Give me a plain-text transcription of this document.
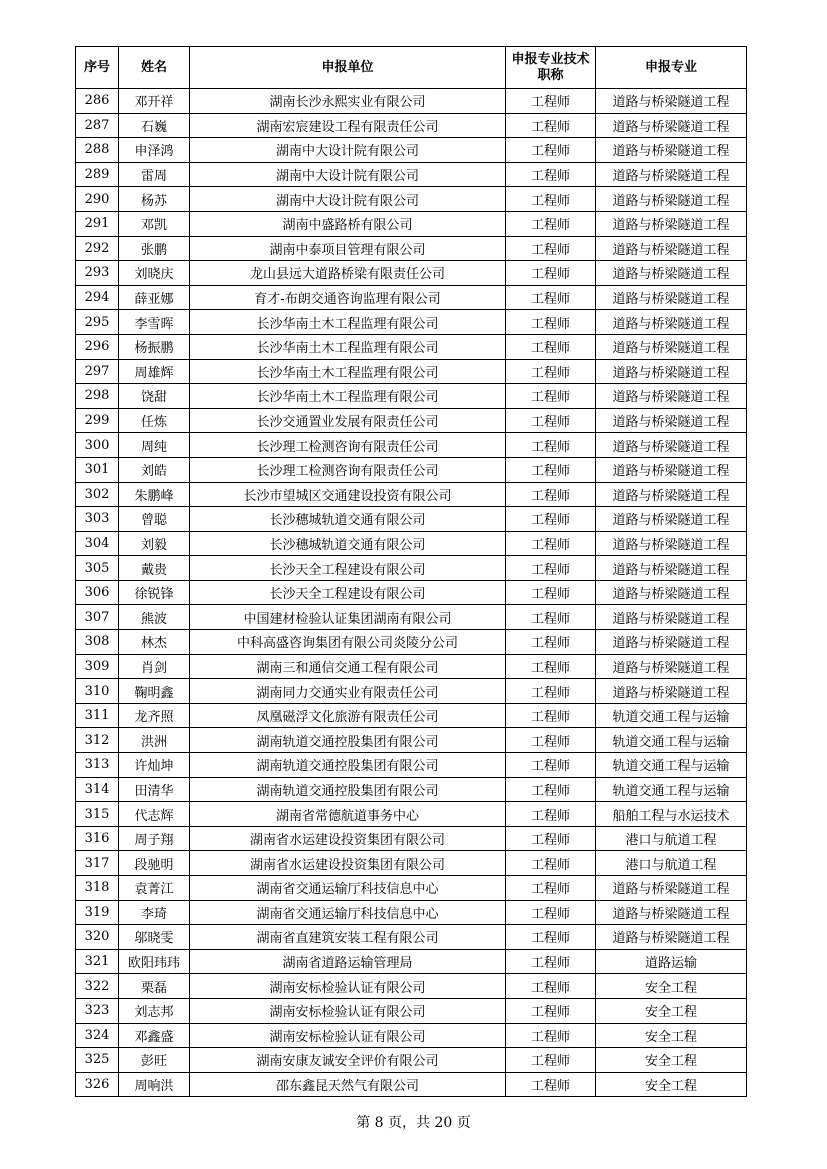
序号	姓名	申报单位	申报专业技术职称	申报专业
286	邓开祥	湖南长沙永熙实业有限公司	工程师	道路与桥梁隧道工程
287	石巍	湖南宏宸建设工程有限责任公司	工程师	道路与桥梁隧道工程
288	申泽鸿	湖南中大设计院有限公司	工程师	道路与桥梁隧道工程
289	雷周	湖南中大设计院有限公司	工程师	道路与桥梁隧道工程
290	杨苏	湖南中大设计院有限公司	工程师	道路与桥梁隧道工程
291	邓凯	湖南中盛路桥有限公司	工程师	道路与桥梁隧道工程
292	张鹏	湖南中泰项目管理有限公司	工程师	道路与桥梁隧道工程
293	刘晓庆	龙山县远大道路桥梁有限责任公司	工程师	道路与桥梁隧道工程
294	薛亚娜	育才-布朗交通咨询监理有限公司	工程师	道路与桥梁隧道工程
295	李雪晖	长沙华南土木工程监理有限公司	工程师	道路与桥梁隧道工程
296	杨振鹏	长沙华南土木工程监理有限公司	工程师	道路与桥梁隧道工程
297	周雄辉	长沙华南土木工程监理有限公司	工程师	道路与桥梁隧道工程
298	饶甜	长沙华南土木工程监理有限公司	工程师	道路与桥梁隧道工程
299	任炼	长沙交通置业发展有限责任公司	工程师	道路与桥梁隧道工程
300	周纯	长沙理工检测咨询有限责任公司	工程师	道路与桥梁隧道工程
301	刘皓	长沙理工检测咨询有限责任公司	工程师	道路与桥梁隧道工程
302	朱鹏峰	长沙市望城区交通建设投资有限公司	工程师	道路与桥梁隧道工程
303	曾聪	长沙穗城轨道交通有限公司	工程师	道路与桥梁隧道工程
304	刘毅	长沙穗城轨道交通有限公司	工程师	道路与桥梁隧道工程
305	戴贵	长沙天全工程建设有限公司	工程师	道路与桥梁隧道工程
306	徐锐锋	长沙天全工程建设有限公司	工程师	道路与桥梁隧道工程
307	熊波	中国建材检验认证集团湖南有限公司	工程师	道路与桥梁隧道工程
308	林杰	中科高盛咨询集团有限公司炎陵分公司	工程师	道路与桥梁隧道工程
309	肖剑	湖南三和通信交通工程有限公司	工程师	道路与桥梁隧道工程
310	鞠明鑫	湖南同力交通实业有限责任公司	工程师	道路与桥梁隧道工程
311	龙齐照	凤凰磁浮文化旅游有限责任公司	工程师	轨道交通工程与运输
312	洪洲	湖南轨道交通控股集团有限公司	工程师	轨道交通工程与运输
313	许灿坤	湖南轨道交通控股集团有限公司	工程师	轨道交通工程与运输
314	田清华	湖南轨道交通控股集团有限公司	工程师	轨道交通工程与运输
315	代志辉	湖南省常德航道事务中心	工程师	船舶工程与水运技术
316	周子翔	湖南省水运建设投资集团有限公司	工程师	港口与航道工程
317	段驰明	湖南省水运建设投资集团有限公司	工程师	港口与航道工程
318	袁菁江	湖南省交通运输厅科技信息中心	工程师	道路与桥梁隧道工程
319	李琦	湖南省交通运输厅科技信息中心	工程师	道路与桥梁隧道工程
320	邬晓雯	湖南省直建筑安装工程有限公司	工程师	道路与桥梁隧道工程
321	欧阳玮玮	湖南省道路运输管理局	工程师	道路运输
322	栗磊	湖南安标检验认证有限公司	工程师	安全工程
323	刘志邦	湖南安标检验认证有限公司	工程师	安全工程
324	邓鑫盛	湖南安标检验认证有限公司	工程师	安全工程
325	彭旺	湖南安康友诚安全评价有限公司	工程师	安全工程
326	周响洪	邵东鑫昆天然气有限公司	工程师	安全工程
第 8 页，共 20 页
